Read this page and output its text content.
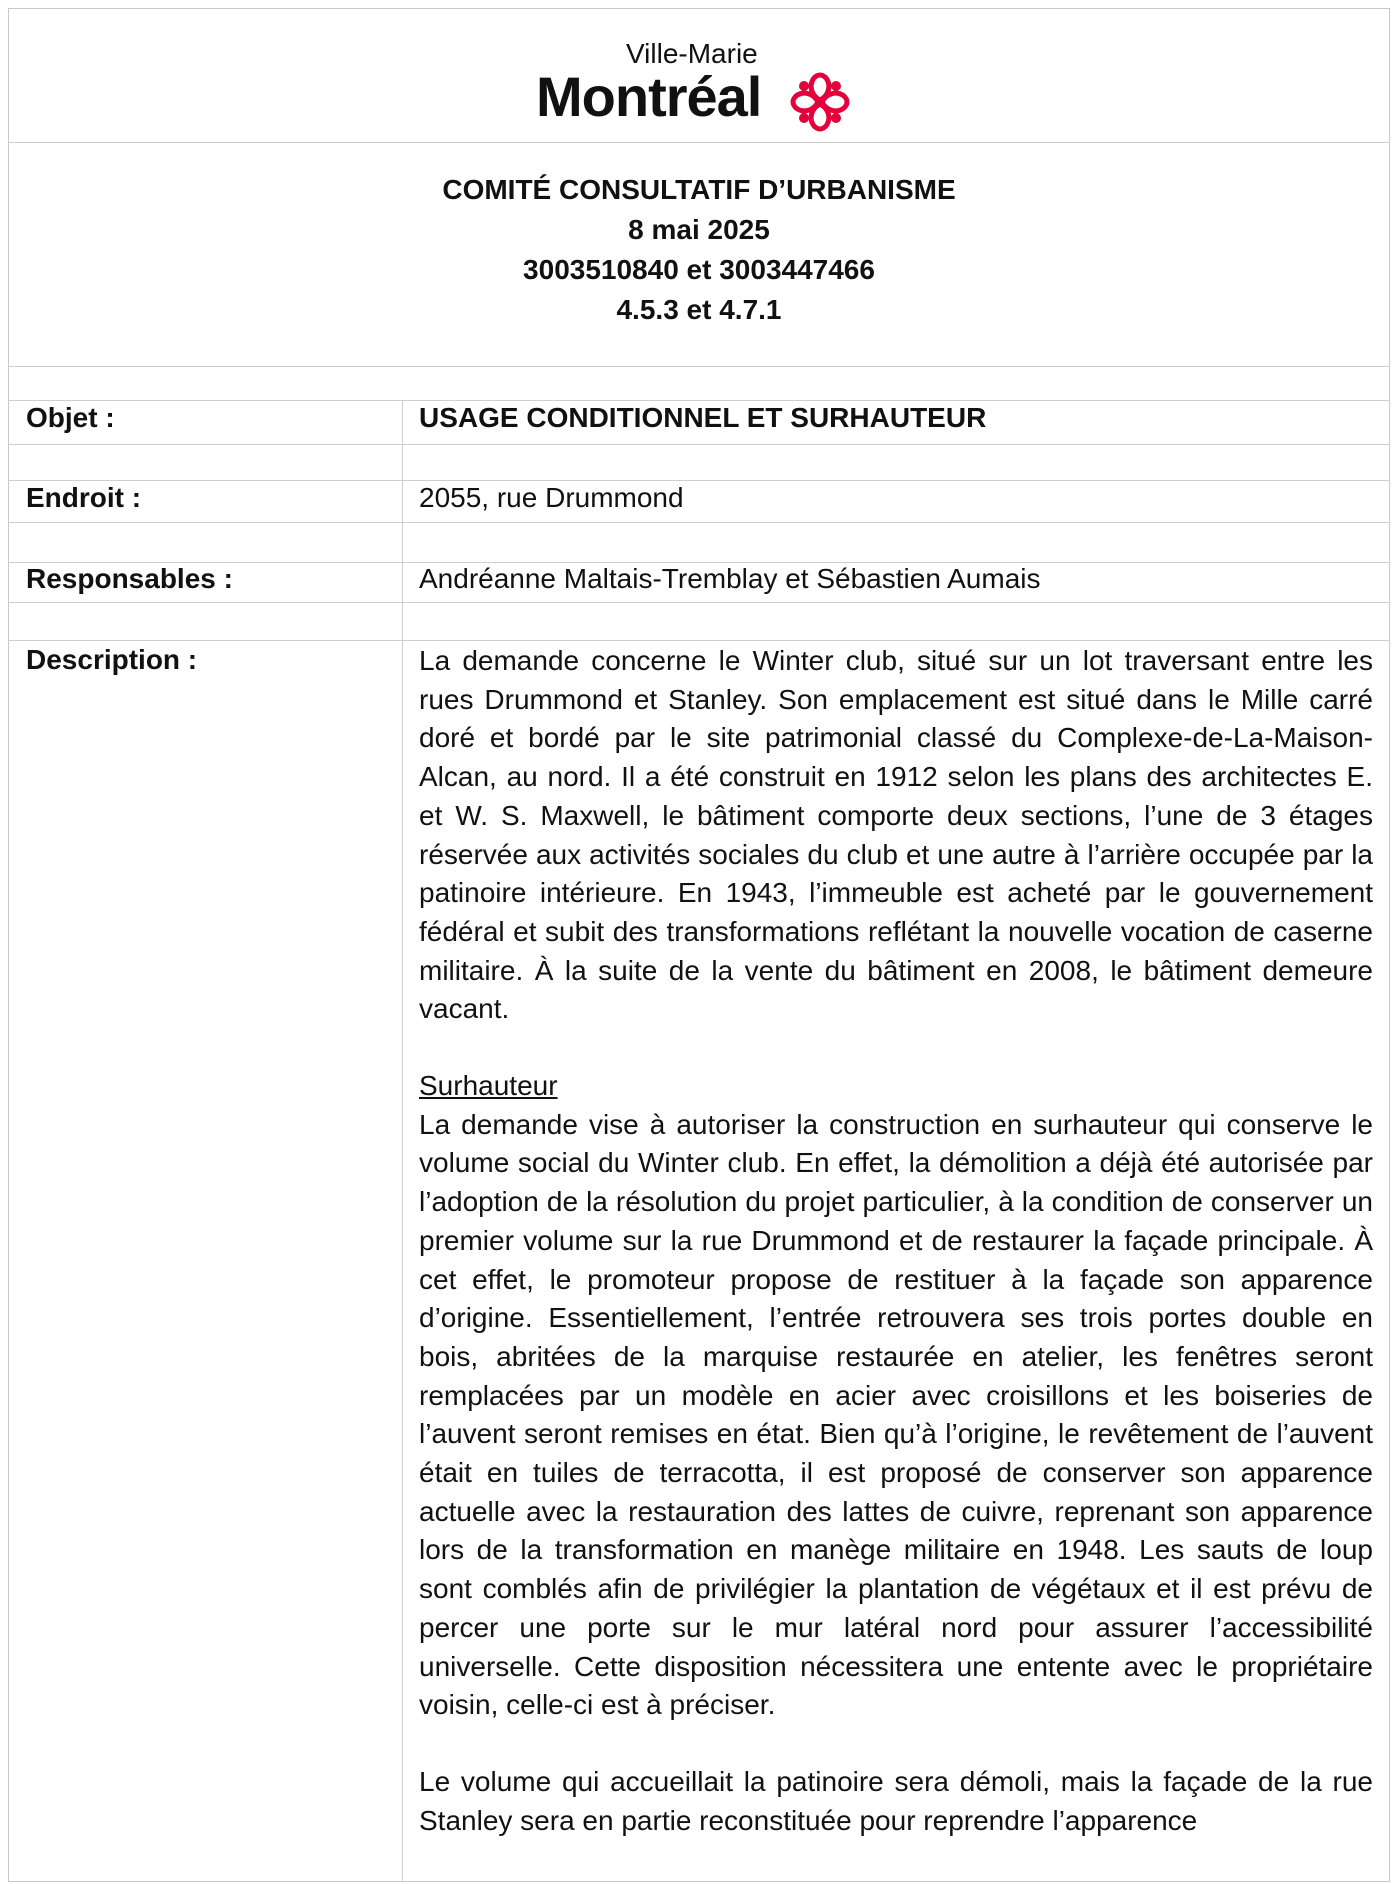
Ville-Marie
Montréal
COMITÉ CONSULTATIF D’URBANISME
8 mai 2025
3003510840 et 3003447466
4.5.3 et 4.7.1
Objet :	USAGE CONDITIONNEL ET SURHAUTEUR
Endroit :	2055, rue Drummond
Responsables :	Andréanne Maltais-Tremblay et Sébastien Aumais
Description :	La demande concerne le Winter club, situé sur un lot traversant entre les rues Drummond et Stanley. Son emplacement est situé dans le Mille carré doré et bordé par le site patrimonial classé du Complexe-de-La-Maison-Alcan, au nord. Il a été construit en 1912 selon les plans des architectes E. et W. S. Maxwell, le bâtiment comporte deux sections, l’une de 3 étages réservée aux activités sociales du club et une autre à l’arrière occupée par la patinoire intérieure. En 1943, l’immeuble est acheté par le gouvernement fédéral et subit des transformations reflétant la nouvelle vocation de caserne militaire. À la suite de la vente du bâtiment en 2008, le bâtiment demeure vacant.

Surhauteur

La demande vise à autoriser la construction en surhauteur qui conserve le volume social du Winter club. En effet, la démolition a déjà été autorisée par l’adoption de la résolution du projet particulier, à la condition de conserver un premier volume sur la rue Drummond et de restaurer la façade principale. À cet effet, le promoteur propose de restituer à la façade son apparence d’origine. Essentiellement, l’entrée retrouvera ses trois portes double en bois, abritées de la marquise restaurée en atelier, les fenêtres seront remplacées par un modèle en acier avec croisillons et les boiseries de l’auvent seront remises en état. Bien qu’à l’origine, le revêtement de l’auvent était en tuiles de terracotta, il est proposé de conserver son apparence actuelle avec la restauration des lattes de cuivre, reprenant son apparence lors de la transformation en manège militaire en 1948. Les sauts de loup sont comblés afin de privilégier la plantation de végétaux et il est prévu de percer une porte sur le mur latéral nord pour assurer l’accessibilité universelle. Cette disposition nécessitera une entente avec le propriétaire voisin, celle-ci est à préciser.

Le volume qui accueillait la patinoire sera démoli, mais la façade de la rue Stanley sera en partie reconstituée pour reprendre l’apparence
